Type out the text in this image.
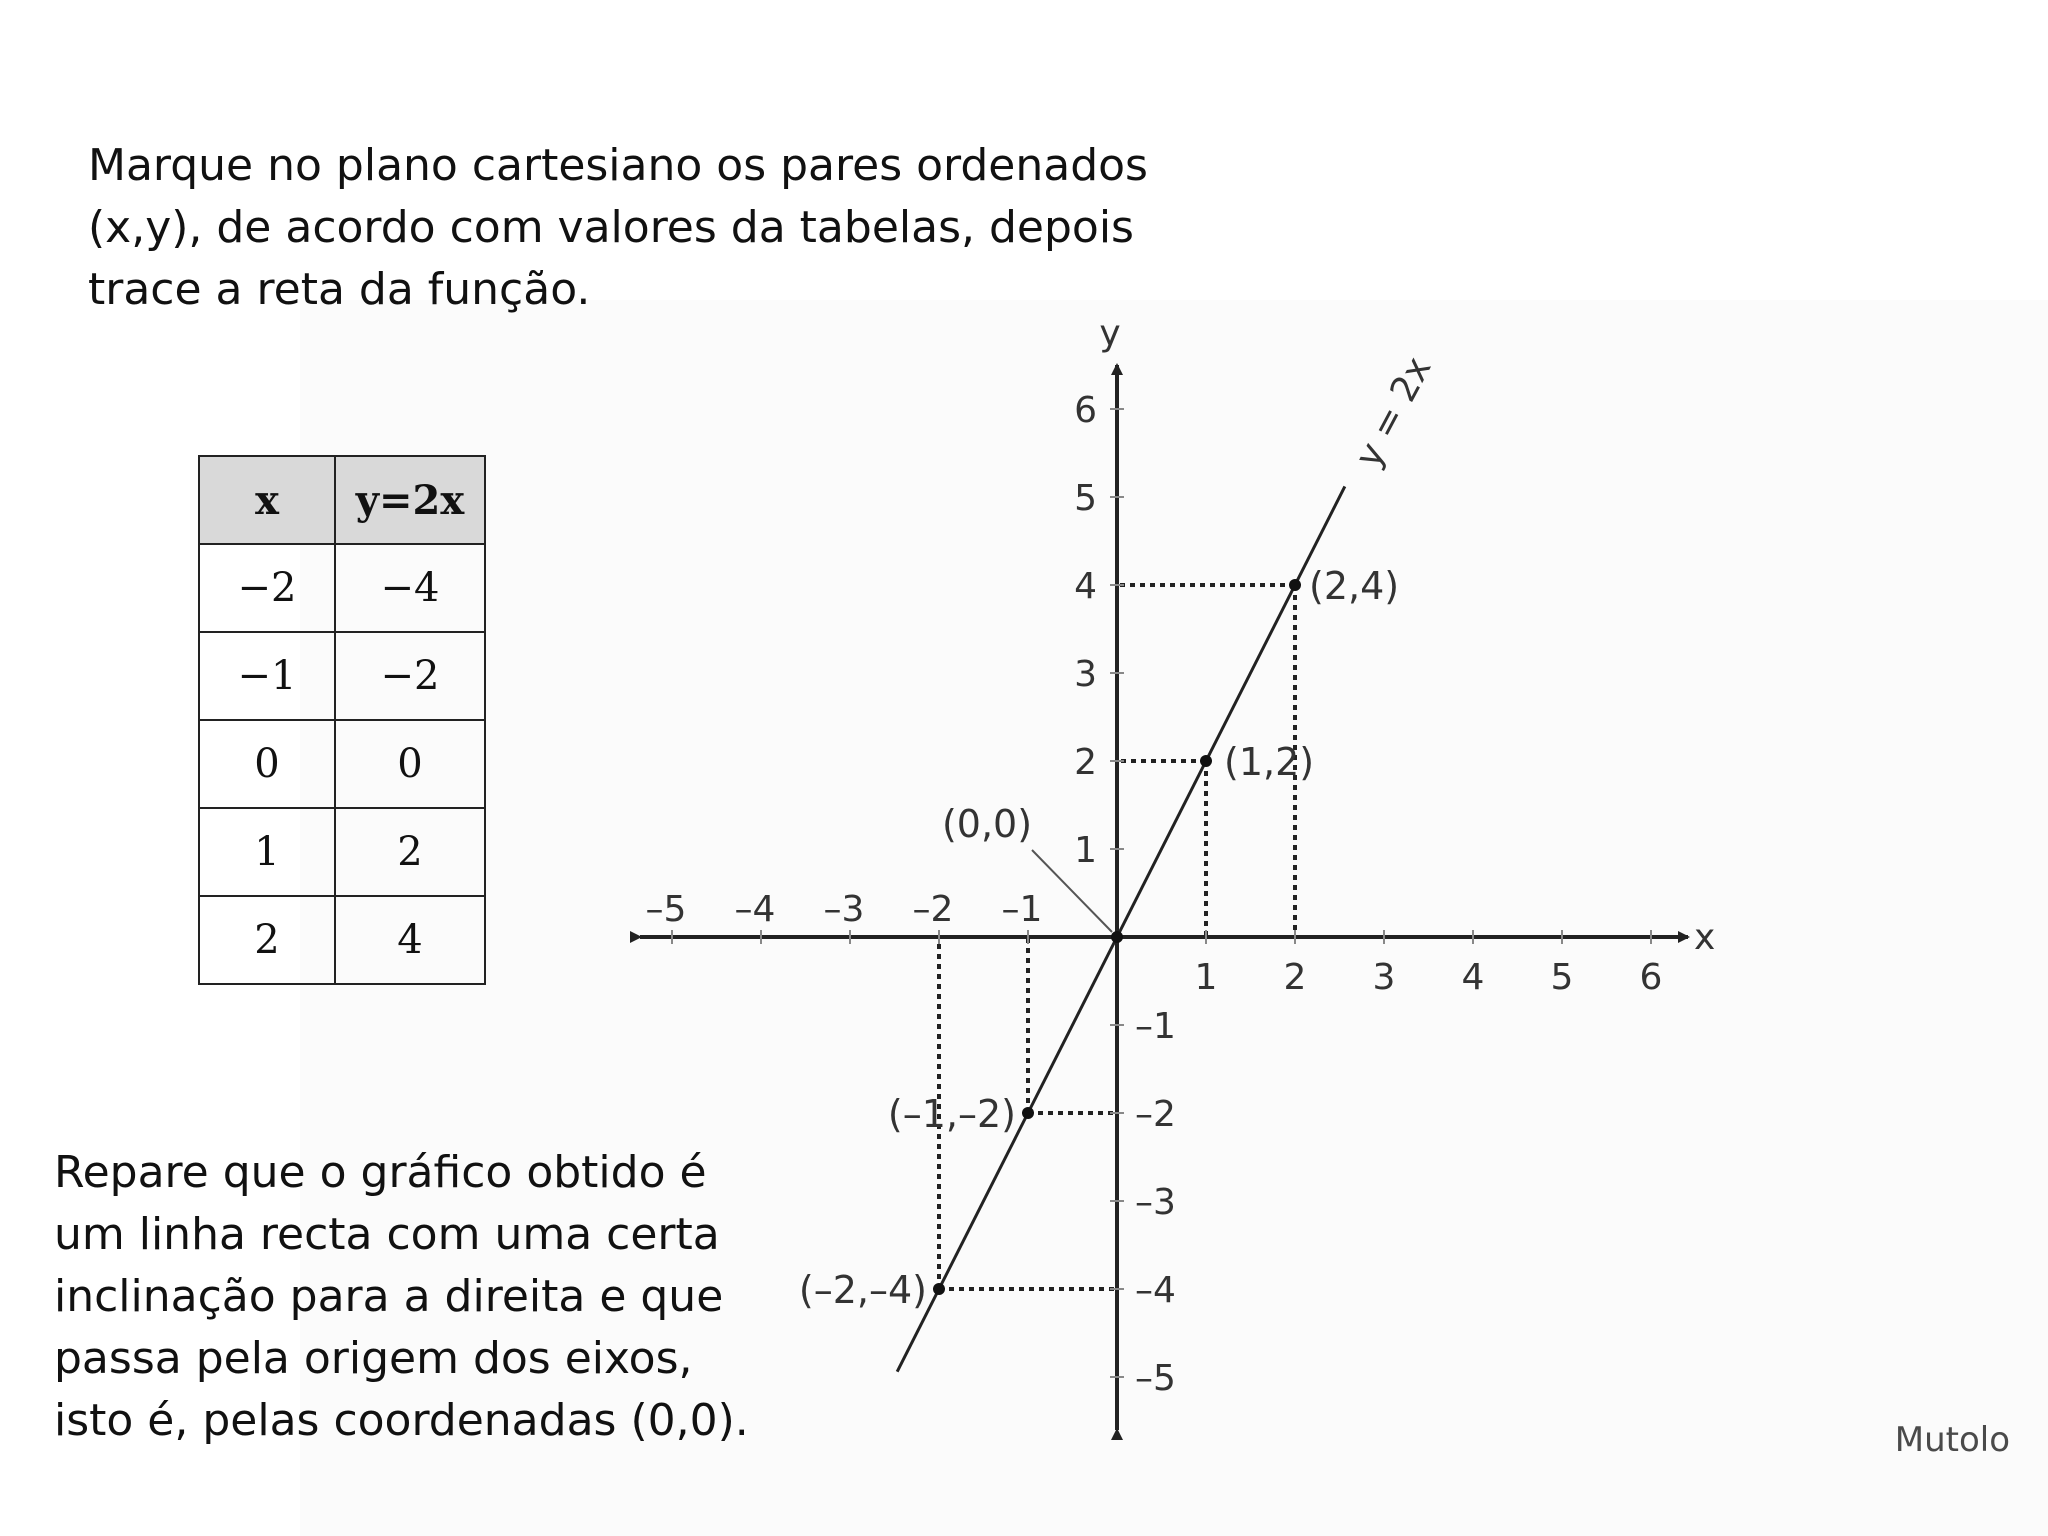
Marque no plano cartesiano os pares ordenados
(x,y), de acordo com valores da tabelas, depois
trace a reta da função.

x	y=2x
−2	−4
−1	−2
0	0
1	2
2	4
–5 –4 –3 –2 –1
1 2 3 4 5 6
6
5
4
3
2
1
–1
–2
–3
–4
–5
x
y
y = 2x
(–2,–4)
(–1,–2)
(0,0)
(1,2)
(2,4)

Repare que o gráfico obtido é
um linha recta com uma certa
inclinação para a direita e que
passa pela origem dos eixos,
isto é, pelas coordenadas (0,0).	Mutolo
